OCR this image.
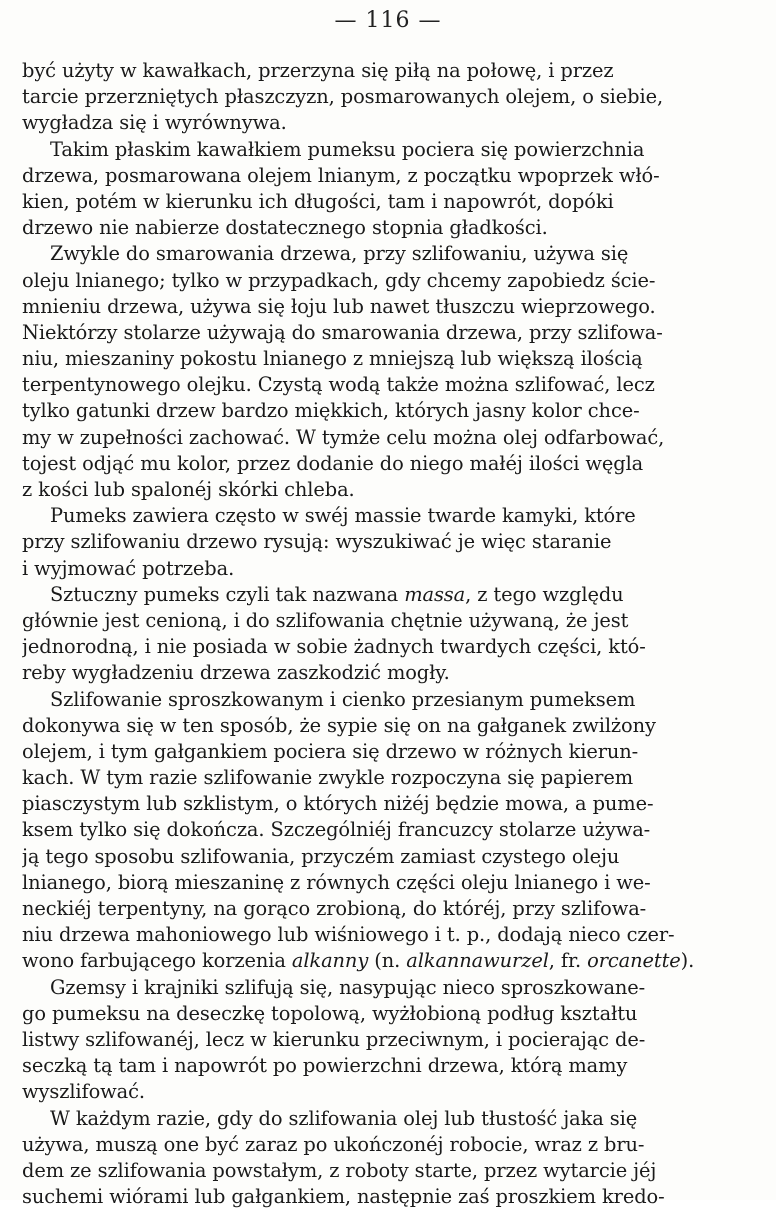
— 116 —
być użyty w kawałkach, przerzyna się piłą na połowę, i przez
tarcie przerzniętych płaszczyzn, posmarowanych olejem, o siebie,
wygładza się i wyrównywa.
Takim płaskim kawałkiem pumeksu pociera się powierzchnia
drzewa, posmarowana olejem lnianym, z początku wpoprzek włó-
kien, potém w kierunku ich długości, tam i napowrót, dopóki
drzewo nie nabierze dostatecznego stopnia gładkości.
Zwykle do smarowania drzewa, przy szlifowaniu, używa się
oleju lnianego; tylko w przypadkach, gdy chcemy zapobiedz ście-
mnieniu drzewa, używa się łoju lub nawet tłuszczu wieprzowego.
Niektórzy stolarze używają do smarowania drzewa, przy szlifowa-
niu, mieszaniny pokostu lnianego z mniejszą lub większą ilością
terpentynowego olejku. Czystą wodą także można szlifować, lecz
tylko gatunki drzew bardzo miękkich, których jasny kolor chce-
my w zupełności zachować. W tymże celu można olej odfarbować,
tojest odjąć mu kolor, przez dodanie do niego małéj ilości węgla
z kości lub spalonéj skórki chleba.
Pumeks zawiera często w swéj massie twarde kamyki, które
przy szlifowaniu drzewo rysują: wyszukiwać je więc staranie
i wyjmować potrzeba.
Sztuczny pumeks czyli tak nazwana massa, z tego względu
głównie jest cenioną, i do szlifowania chętnie używaną, że jest
jednorodną, i nie posiada w sobie żadnych twardych części, któ-
reby wygładzeniu drzewa zaszkodzić mogły.
Szlifowanie sproszkowanym i cienko przesianym pumeksem
dokonywa się w ten sposób, że sypie się on na gałganek zwilżony
olejem, i tym gałgankiem pociera się drzewo w różnych kierun-
kach. W tym razie szlifowanie zwykle rozpoczyna się papierem
piasczystym lub szklistym, o których niżéj będzie mowa, a pume-
ksem tylko się dokończa. Szczególniéj francuzcy stolarze używa-
ją tego sposobu szlifowania, przyczém zamiast czystego oleju
lnianego, biorą mieszaninę z równych części oleju lnianego i we-
neckiéj terpentyny, na gorąco zrobioną, do któréj, przy szlifowa-
niu drzewa mahoniowego lub wiśniowego i t. p., dodają nieco czer-
wono farbującego korzenia alkanny (n. alkannawurzel, fr. orcanette).
Gzemsy i krajniki szlifują się, nasypując nieco sproszkowane-
go pumeksu na deseczkę topolową, wyżłobioną podług kształtu
listwy szlifowanéj, lecz w kierunku przeciwnym, i pocierając de-
seczką tą tam i napowrót po powierzchni drzewa, którą mamy
wyszlifować.
W każdym razie, gdy do szlifowania olej lub tłustość jaka się
używa, muszą one być zaraz po ukończonéj robocie, wraz z bru-
dem ze szlifowania powstałym, z roboty starte, przez wytarcie jéj
suchemi wiórami lub gałgankiem, następnie zaś proszkiem kredo-
